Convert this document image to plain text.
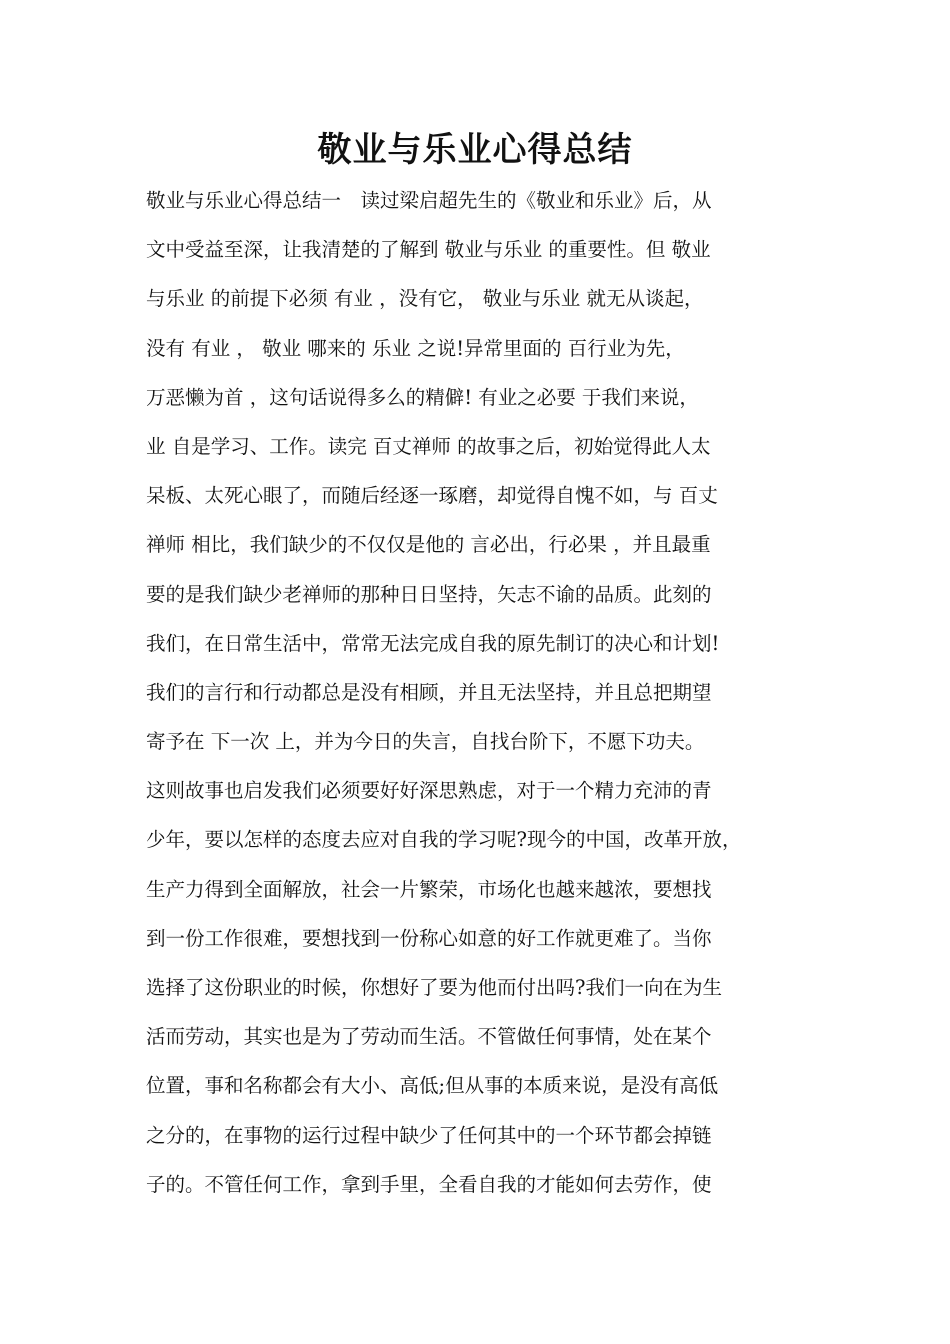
敬业与乐业心得总结
敬业与乐业心得总结一　读过梁启超先生的《敬业和乐业》后，从
文中受益至深，让我清楚的了解到 敬业与乐业 的重要性。但 敬业
与乐业 的前提下必须 有业 ，没有它， 敬业与乐业 就无从谈起，
没有 有业 ， 敬业 哪来的 乐业 之说!异常里面的 百行业为先，
万恶懒为首 ，这句话说得多么的精僻! 有业之必要 于我们来说，
业 自是学习、工作。读完 百丈禅师 的故事之后，初始觉得此人太
呆板、太死心眼了，而随后经逐一琢磨，却觉得自愧不如，与 百丈
禅师 相比，我们缺少的不仅仅是他的 言必出，行必果 ，并且最重
要的是我们缺少老禅师的那种日日坚持，矢志不谕的品质。此刻的
我们，在日常生活中，常常无法完成自我的原先制订的决心和计划!
我们的言行和行动都总是没有相顾，并且无法坚持，并且总把期望
寄予在 下一次 上，并为今日的失言，自找台阶下，不愿下功夫。
这则故事也启发我们必须要好好深思熟虑，对于一个精力充沛的青
少年，要以怎样的态度去应对自我的学习呢?现今的中国，改革开放，
生产力得到全面解放，社会一片繁荣，市场化也越来越浓，要想找
到一份工作很难，要想找到一份称心如意的好工作就更难了。当你
选择了这份职业的时候，你想好了要为他而付出吗?我们一向在为生
活而劳动，其实也是为了劳动而生活。不管做任何事情，处在某个
位置，事和名称都会有大小、高低;但从事的本质来说，是没有高低
之分的，在事物的运行过程中缺少了任何其中的一个环节都会掉链
子的。不管任何工作，拿到手里，全看自我的才能如何去劳作，使
